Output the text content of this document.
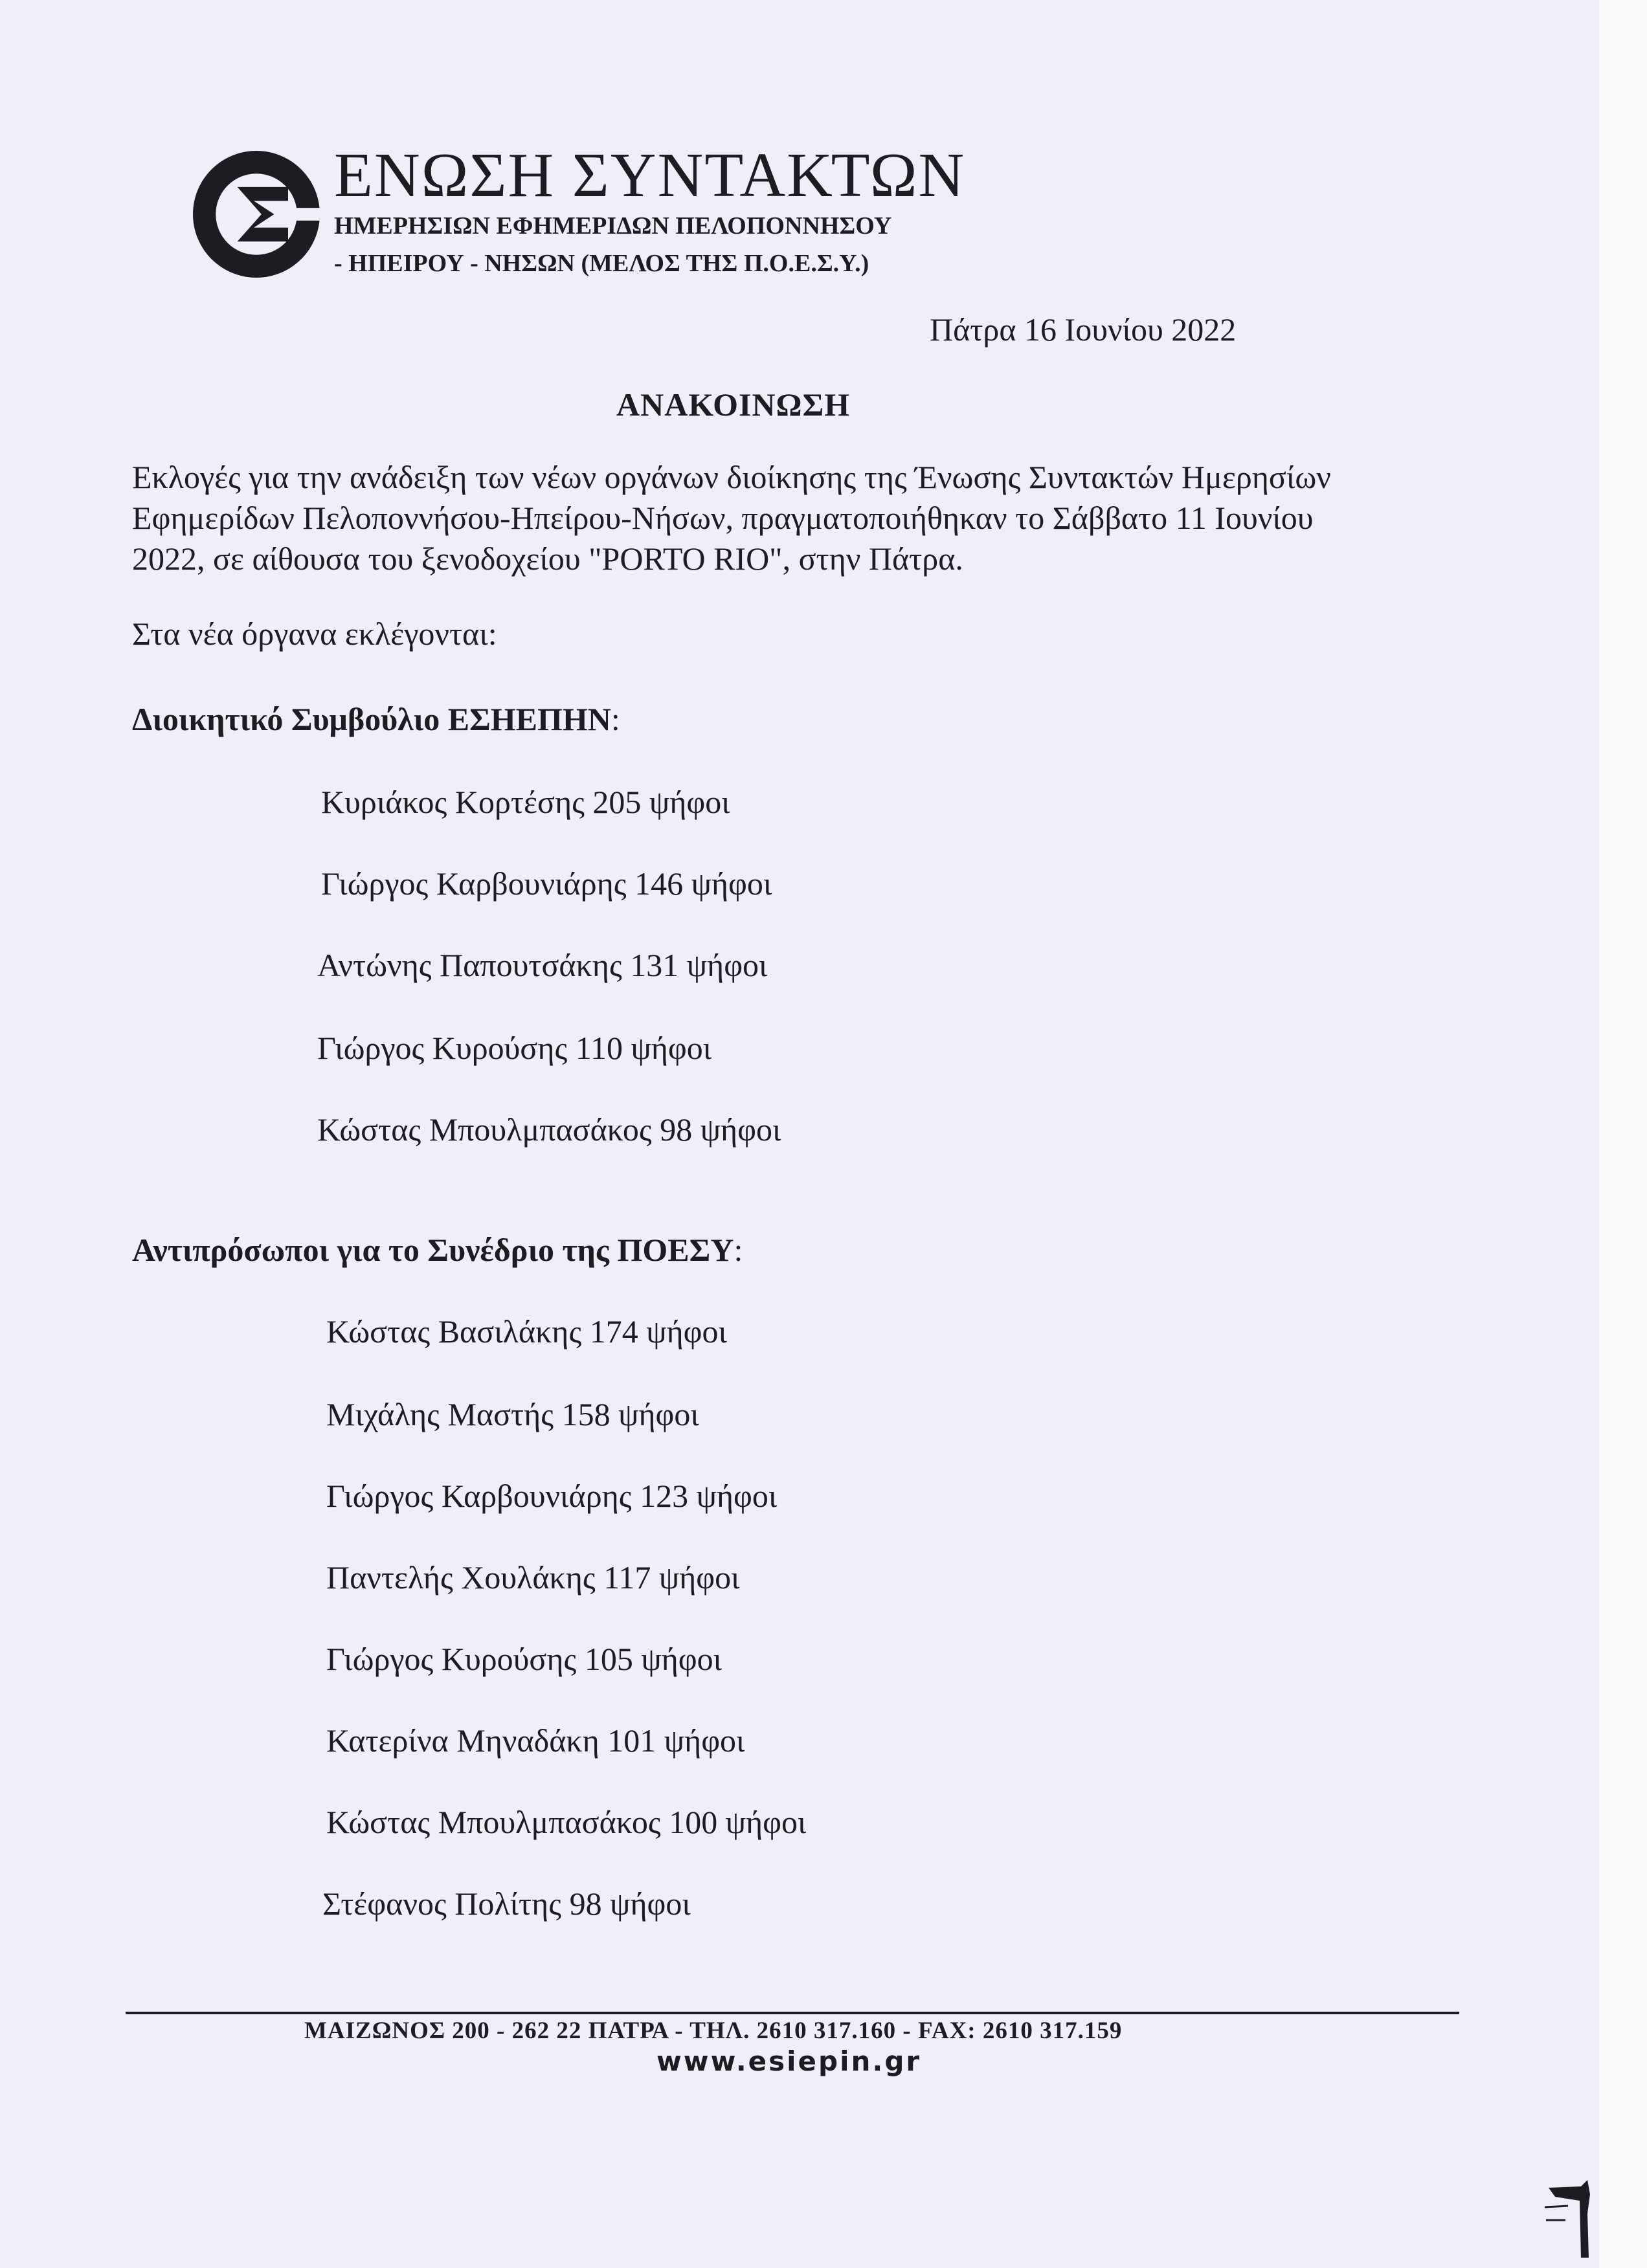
ΕΝΩΣΗ ΣΥΝΤΑΚΤΩΝ
ΗΜΕΡΗΣΙΩΝ ΕΦΗΜΕΡΙΔΩΝ ΠΕΛΟΠΟΝΝΗΣΟΥ
- ΗΠΕΙΡΟΥ - ΝΗΣΩΝ (ΜΕΛΟΣ ΤΗΣ Π.Ο.Ε.Σ.Υ.)
Πάτρα 16 Ιουνίου 2022
ΑΝΑΚΟΙΝΩΣΗ
Εκλογές για την ανάδειξη των νέων οργάνων διοίκησης της Ένωσης Συντακτών Ημερησίων
Εφημερίδων Πελοποννήσου-Ηπείρου-Νήσων, πραγματοποιήθηκαν το Σάββατο 11 Ιουνίου
2022, σε αίθουσα του ξενοδοχείου "PORTO RIO", στην Πάτρα.
Στα νέα όργανα εκλέγονται:
Διοικητικό Συμβούλιο ΕΣΗΕΠΗΝ:
Κυριάκος Κορτέσης 205 ψήφοι
Γιώργος Καρβουνιάρης 146 ψήφοι
Αντώνης Παπουτσάκης 131 ψήφοι
Γιώργος Κυρούσης 110 ψήφοι
Κώστας Μπουλμπασάκος 98 ψήφοι
Αντιπρόσωποι για το Συνέδριο της ΠΟΕΣΥ:
Κώστας Βασιλάκης 174 ψήφοι
Μιχάλης Μαστής 158 ψήφοι
Γιώργος Καρβουνιάρης 123 ψήφοι
Παντελής Χουλάκης 117 ψήφοι
Γιώργος Κυρούσης 105 ψήφοι
Κατερίνα Μηναδάκη 101 ψήφοι
Κώστας Μπουλμπασάκος 100 ψήφοι
Στέφανος Πολίτης 98 ψήφοι
ΜΑΙΖΩΝΟΣ 200 - 262 22 ΠΑΤΡΑ - ΤΗΛ. 2610 317.160 - FAX: 2610 317.159
www.esiepin.gr
